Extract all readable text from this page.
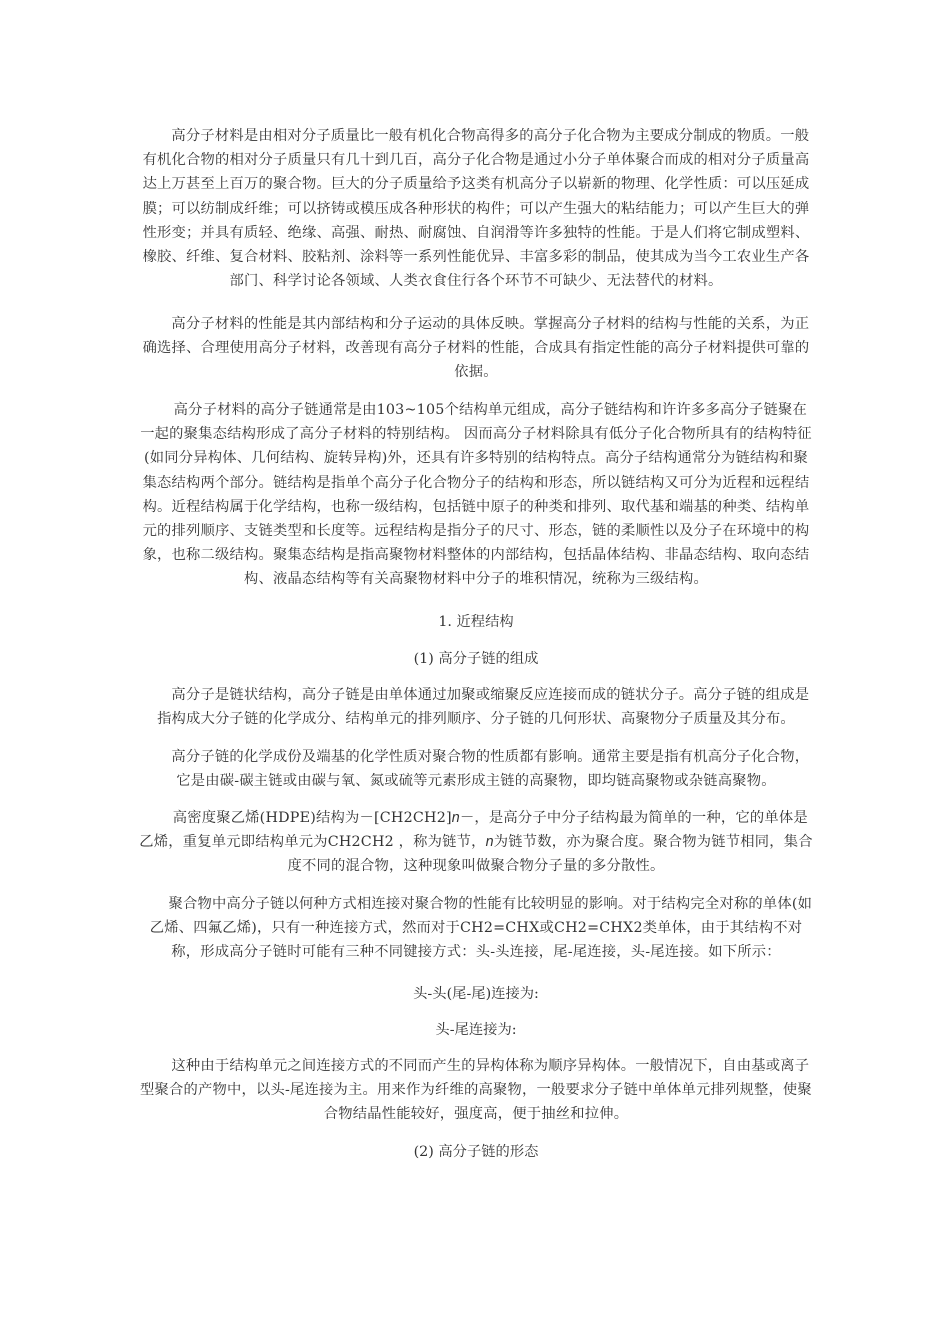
高分子材料是由相对分子质量比一般有机化合物高得多的高分子化合物为主要成分制成的物质。一般有机化合物的相对分子质量只有几十到几百，高分子化合物是通过小分子单体聚合而成的相对分子质量高达上万甚至上百万的聚合物。巨大的分子质量给予这类有机高分子以崭新的物理、化学性质：可以压延成膜；可以纺制成纤维；可以挤铸或模压成各种形状的构件；可以产生强大的粘结能力；可以产生巨大的弹性形变；并具有质轻、绝缘、高强、耐热、耐腐蚀、自润滑等许多独特的性能。于是人们将它制成塑料、橡胶、纤维、复合材料、胶粘剂、涂料等一系列性能优异、丰富多彩的制品，使其成为当今工农业生产各部门、科学讨论各领域、人类衣食住行各个环节不可缺少、无法替代的材料。
高分子材料的性能是其内部结构和分子运动的具体反映。掌握高分子材料的结构与性能的关系，为正确选择、合理使用高分子材料，改善现有高分子材料的性能，合成具有指定性能的高分子材料提供可靠的依据。
高分子材料的高分子链通常是由103~105个结构单元组成，高分子链结构和许许多多高分子链聚在一起的聚集态结构形成了高分子材料的特别结构。 因而高分子材料除具有低分子化合物所具有的结构特征(如同分异构体、几何结构、旋转异构)外，还具有许多特别的结构特点。高分子结构通常分为链结构和聚集态结构两个部分。链结构是指单个高分子化合物分子的结构和形态，所以链结构又可分为近程和远程结构。近程结构属于化学结构，也称一级结构，包括链中原子的种类和排列、取代基和端基的种类、结构单元的排列顺序、支链类型和长度等。远程结构是指分子的尺寸、形态，链的柔顺性以及分子在环境中的构象，也称二级结构。聚集态结构是指高聚物材料整体的内部结构，包括晶体结构、非晶态结构、取向态结构、液晶态结构等有关高聚物材料中分子的堆积情况，统称为三级结构。
1. 近程结构
(1) 高分子链的组成
高分子是链状结构，高分子链是由单体通过加聚或缩聚反应连接而成的链状分子。高分子链的组成是指构成大分子链的化学成分、结构单元的排列顺序、分子链的几何形状、高聚物分子质量及其分布。
高分子链的化学成份及端基的化学性质对聚合物的性质都有影响。通常主要是指有机高分子化合物，它是由碳-碳主链或由碳与氧、氮或硫等元素形成主链的高聚物，即均链高聚物或杂链高聚物。
高密度聚乙烯(HDPE)结构为－[CH2CH2]n－，是高分子中分子结构最为简单的一种，它的单体是乙烯，重复单元即结构单元为CH2CH2 ，称为链节，n为链节数，亦为聚合度。聚合物为链节相同，集合度不同的混合物，这种现象叫做聚合物分子量的多分散性。
聚合物中高分子链以何种方式相连接对聚合物的性能有比较明显的影响。对于结构完全对称的单体(如乙烯、四氟乙烯)，只有一种连接方式，然而对于CH2=CHX或CH2=CHX2类单体，由于其结构不对称，形成高分子链时可能有三种不同键接方式：头-头连接，尾-尾连接，头-尾连接。如下所示：
头-头(尾-尾)连接为:
头-尾连接为:
这种由于结构单元之间连接方式的不同而产生的异构体称为顺序异构体。一般情况下，自由基或离子型聚合的产物中，以头-尾连接为主。用来作为纤维的高聚物，一般要求分子链中单体单元排列规整，使聚合物结晶性能较好，强度高，便于抽丝和拉伸。
(2) 高分子链的形态
